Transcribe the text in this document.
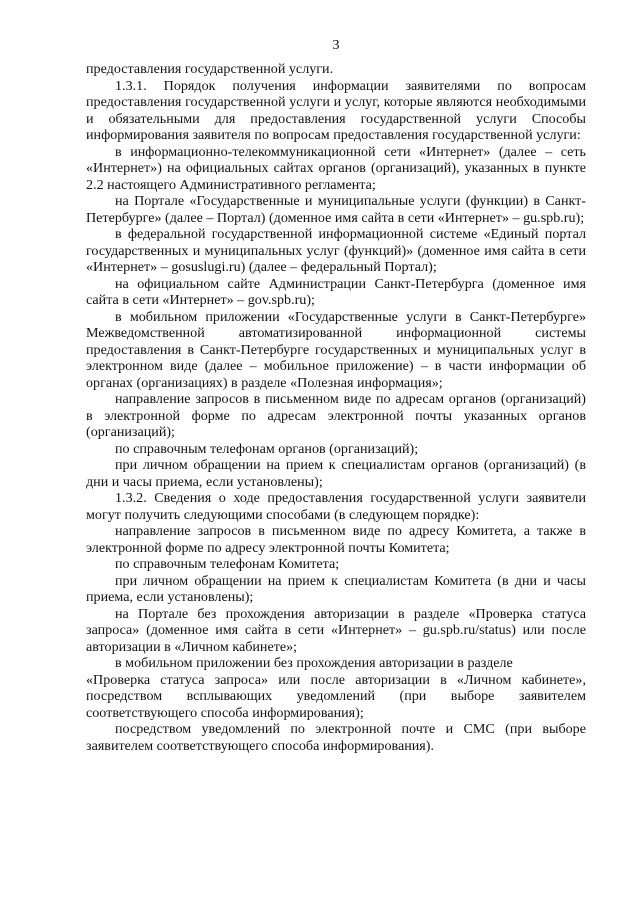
3

предоставления государственной услуги.

1.3.1. Порядок получения информации заявителями по вопросам предоставления государственной услуги и услуг, которые являются необходимыми и обязательными для предоставления государственной услуги Способы информирования заявителя по вопросам предоставления государственной услуги:

в информационно-телекоммуникационной сети «Интернет» (далее – сеть «Интернет») на официальных сайтах органов (организаций), указанных в пункте 2.2 настоящего Административного регламента;

на Портале «Государственные и муниципальные услуги (функции) в Санкт-Петербурге» (далее – Портал) (доменное имя сайта в сети «Интернет» – gu.spb.ru);

в федеральной государственной информационной системе «Единый портал государственных и муниципальных услуг (функций)» (доменное имя сайта в сети «Интернет» – gosuslugi.ru) (далее – федеральный Портал);

на официальном сайте Администрации Санкт-Петербурга (доменное имя сайта в сети «Интернет» – gov.spb.ru);

в мобильном приложении «Государственные услуги в Санкт-Петербурге» Межведомственной автоматизированной информационной системы предоставления в Санкт-Петербурге государственных и муниципальных услуг в электронном виде (далее – мобильное приложение) – в части информации об органах (организациях) в разделе «Полезная информация»;

направление запросов в письменном виде по адресам органов (организаций) в электронной форме по адресам электронной почты указанных органов (организаций);

по справочным телефонам органов (организаций);

при личном обращении на прием к специалистам органов (организаций) (в дни и часы приема, если установлены);

1.3.2. Сведения о ходе предоставления государственной услуги заявители могут получить следующими способами (в следующем порядке):

направление запросов в письменном виде по адресу Комитета, а также в электронной форме по адресу электронной почты Комитета;

по справочным телефонам Комитета;

при личном обращении на прием к специалистам Комитета (в дни и часы приема, если установлены);

на Портале без прохождения авторизации в разделе «Проверка статуса запроса» (доменное имя сайта в сети «Интернет» – gu.spb.ru/status) или после авторизации в «Личном кабинете»;

в мобильном приложении без прохождения авторизации в разделе

«Проверка статуса запроса» или после авторизации в «Личном кабинете», посредством всплывающих уведомлений (при выборе заявителем соответствующего способа информирования);

посредством уведомлений по электронной почте и СМС (при выборе заявителем соответствующего способа информирования).
